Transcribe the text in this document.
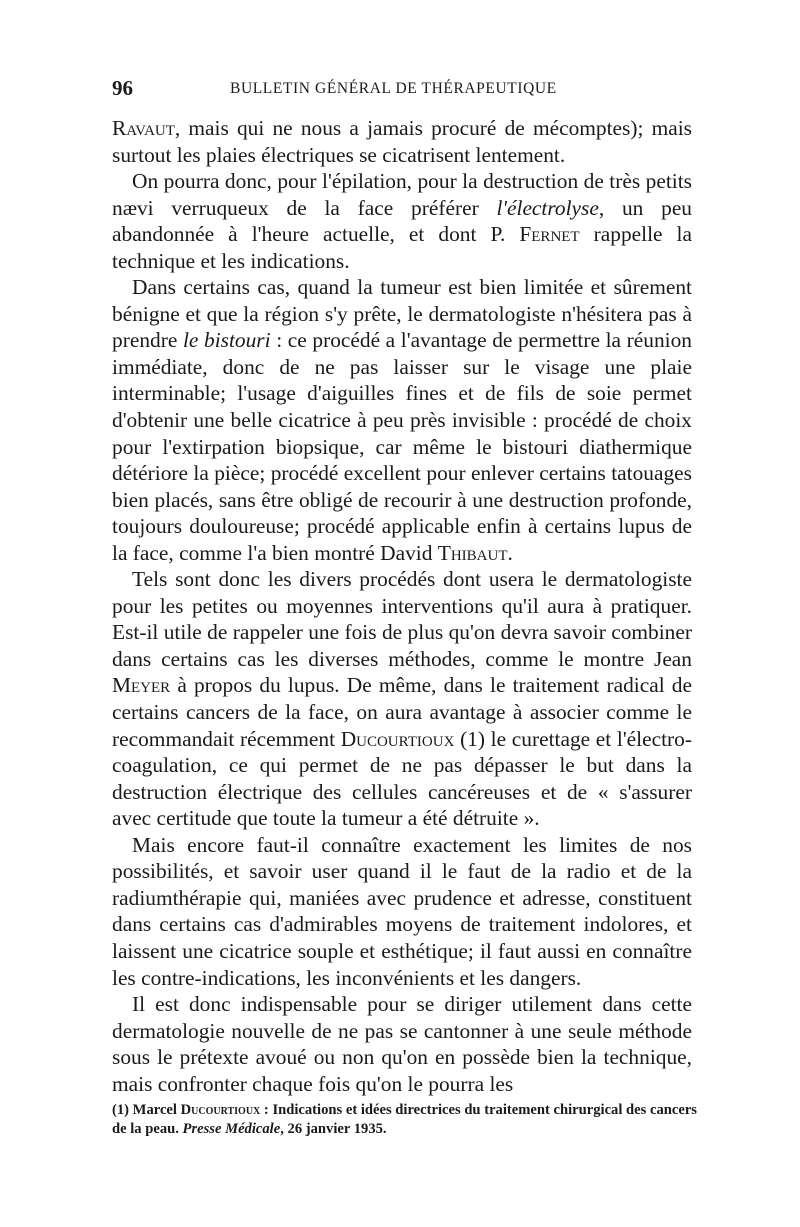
96	BULLETIN GÉNÉRAL DE THÉRAPEUTIQUE

Ravaut, mais qui ne nous a jamais procuré de mécomptes); mais surtout les plaies électriques se cicatrisent lentement.

On pourra donc, pour l'épilation, pour la destruction de très petits nævi verruqueux de la face préférer l'électrolyse, un peu abandonnée à l'heure actuelle, et dont P. Fernet rappelle la technique et les indications.

Dans certains cas, quand la tumeur est bien limitée et sûrement bénigne et que la région s'y prête, le dermatologiste n'hésitera pas à prendre le bistouri : ce procédé a l'avantage de permettre la réunion immédiate, donc de ne pas laisser sur le visage une plaie interminable; l'usage d'aiguilles fines et de fils de soie permet d'obtenir une belle cicatrice à peu près invisible : procédé de choix pour l'extirpation biopsique, car même le bistouri diathermique détériore la pièce; procédé excellent pour enlever certains tatouages bien placés, sans être obligé de recourir à une destruction profonde, toujours douloureuse; procédé applicable enfin à certains lupus de la face, comme l'a bien montré David Thibaut.

Tels sont donc les divers procédés dont usera le dermatologiste pour les petites ou moyennes interventions qu'il aura à pratiquer. Est-il utile de rappeler une fois de plus qu'on devra savoir combiner dans certains cas les diverses méthodes, comme le montre Jean Meyer à propos du lupus. De même, dans le traitement radical de certains cancers de la face, on aura avantage à associer comme le recommandait récemment Ducourtioux (1) le curettage et l'électro-coagulation, ce qui permet de ne pas dépasser le but dans la destruction électrique des cellules cancéreuses et de « s'assurer avec certitude que toute la tumeur a été détruite ».

Mais encore faut-il connaître exactement les limites de nos possibilités, et savoir user quand il le faut de la radio et de la radiumthérapie qui, maniées avec prudence et adresse, constituent dans certains cas d'admirables moyens de traitement indolores, et laissent une cicatrice souple et esthétique; il faut aussi en connaître les contre-indications, les inconvénients et les dangers.

Il est donc indispensable pour se diriger utilement dans cette dermatologie nouvelle de ne pas se cantonner à une seule méthode sous le prétexte avoué ou non qu'on en possède bien la technique, mais confronter chaque fois qu'on le pourra les

(1) Marcel Ducourtioux : Indications et idées directrices du traitement chirurgical des cancers de la peau. Presse Médicale, 26 janvier 1935.
